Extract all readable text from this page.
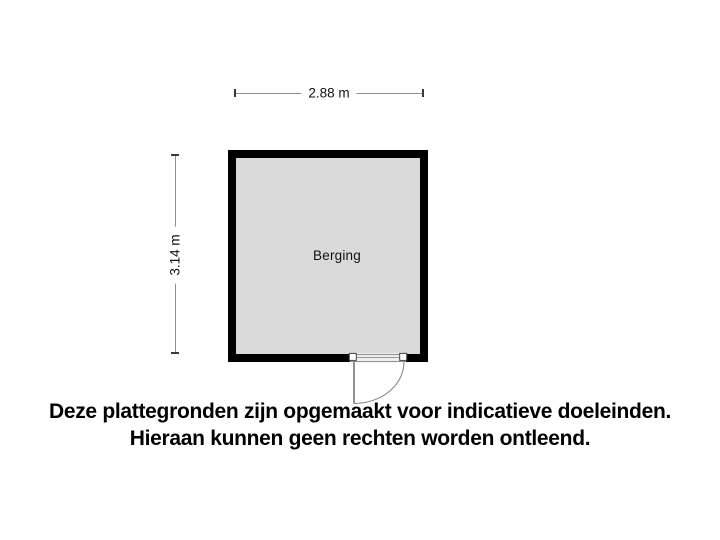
2.88 m
3.14 m	Berging
Deze plattegronden zijn opgemaakt voor indicatieve doeleinden.
Hieraan kunnen geen rechten worden ontleend.
